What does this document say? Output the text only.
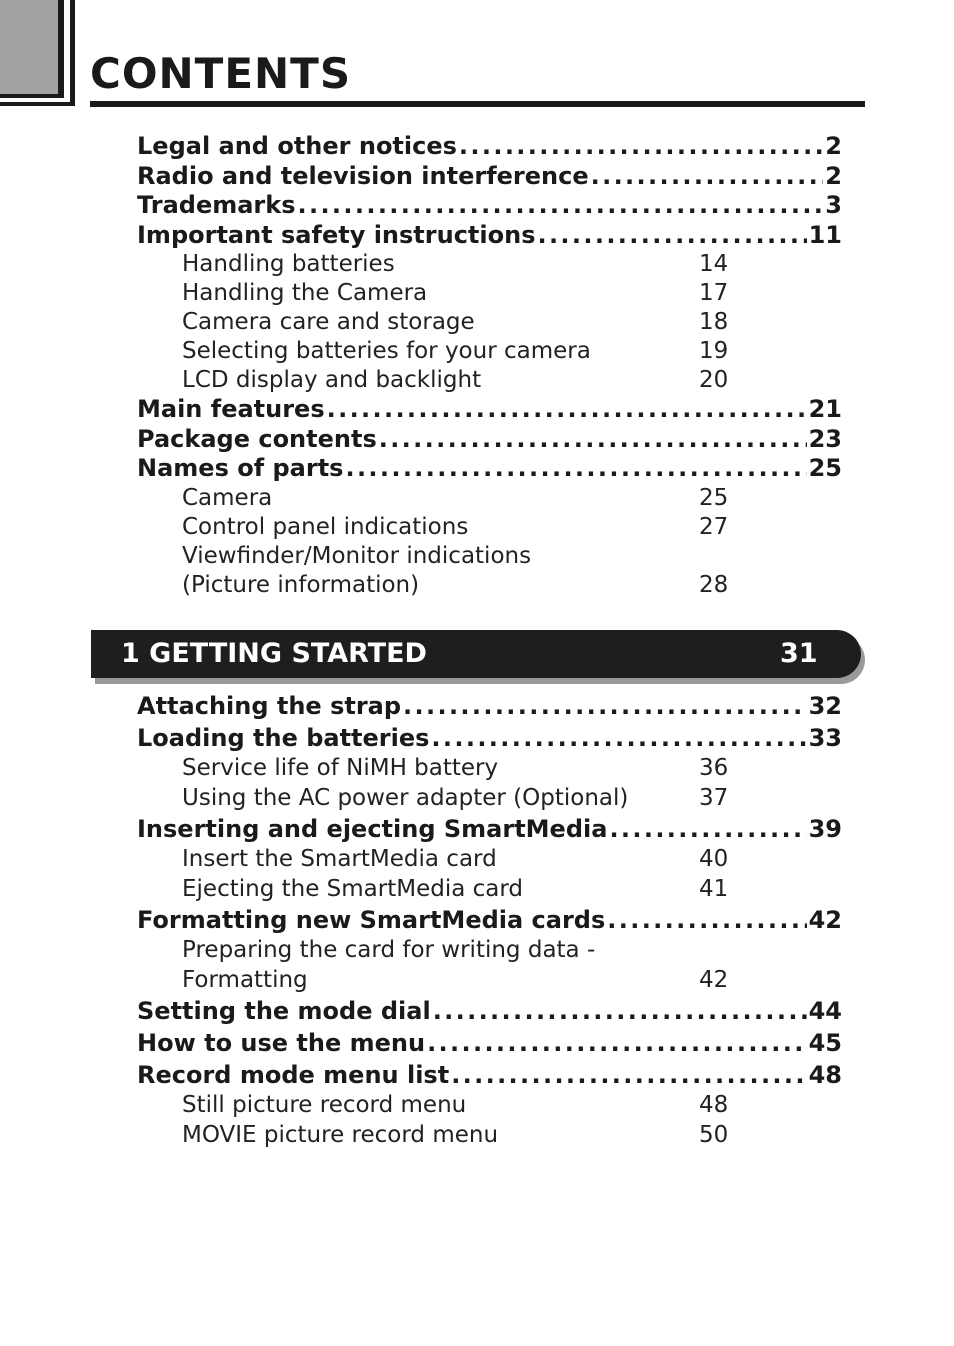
CONTENTS
Legal and other notices . . .	2
Radio and television interference . . .	2
Trademarks . . .	3
Important safety instructions . . .	11
Handling batteries	14
Handling the Camera	17
Camera care and storage	18
Selecting batteries for your camera	19
LCD display and backlight	20
Main features . . .	21
Package contents . . .	23
Names of parts . . .	25
Camera	25
Control panel indications	27
Viewfinder/Monitor indications
(Picture information)	28
1 GETTING STARTED	31
Attaching the strap . . .	32
Loading the batteries . . .	33
Service life of NiMH battery	36
Using the AC power adapter (Optional)	37
Inserting and ejecting SmartMedia . . .	39
Insert the SmartMedia card	40
Ejecting the SmartMedia card	41
Formatting new SmartMedia cards . . .	42
Preparing the card for writing data -
Formatting	42
Setting the mode dial . . .	44
How to use the menu . . .	45
Record mode menu list . . .	48
Still picture record menu	48
MOVIE picture record menu	50
